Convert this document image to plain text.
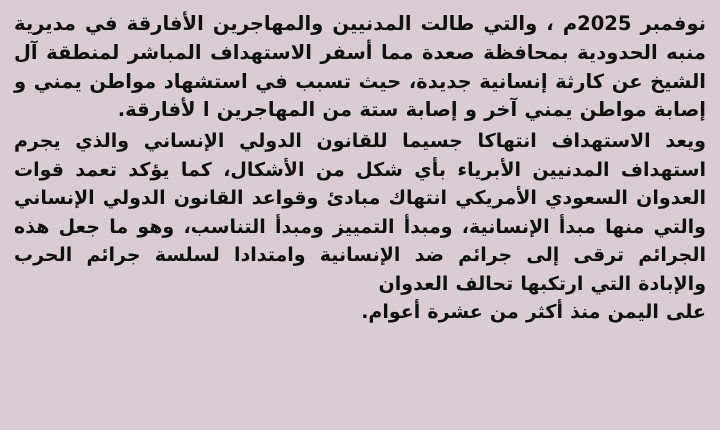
نوفمبر 2025م ، والتي طالت المدنيين والمهاجرين الأفارقة في مديرية منبه الحدودية بمحافظة صعدة مما أسفر الاستهداف المباشر لمنطقة آل الشيخ عن كارثة إنسانية جديدة، حيث تسبب في استشهاد مواطن يمني و إصابة مواطن يمني آخر و إصابة ستة من المهاجرين ا لأفارقة.

ويعد الاستهداف انتهاكا جسيما للقانون الدولي الإنساني والذي يجرم استهداف المدنيين الأبرياء بأي شكل من الأشكال، كما يؤكد تعمد قوات العدوان السعودي الأمريكي انتهاك مبادئ وقواعد القانون الدولي الإنساني والتي منها مبدأ الإنسانية، ومبدأ التمييز ومبدأ التناسب، وهو ما جعل هذه الجرائم ترقى إلى جرائم ضد الإنسانية وامتدادا لسلسة جرائم الحرب والإبادة التي ارتكبها تحالف العدوان
على اليمن منذ أكثر من عشرة أعوام.
